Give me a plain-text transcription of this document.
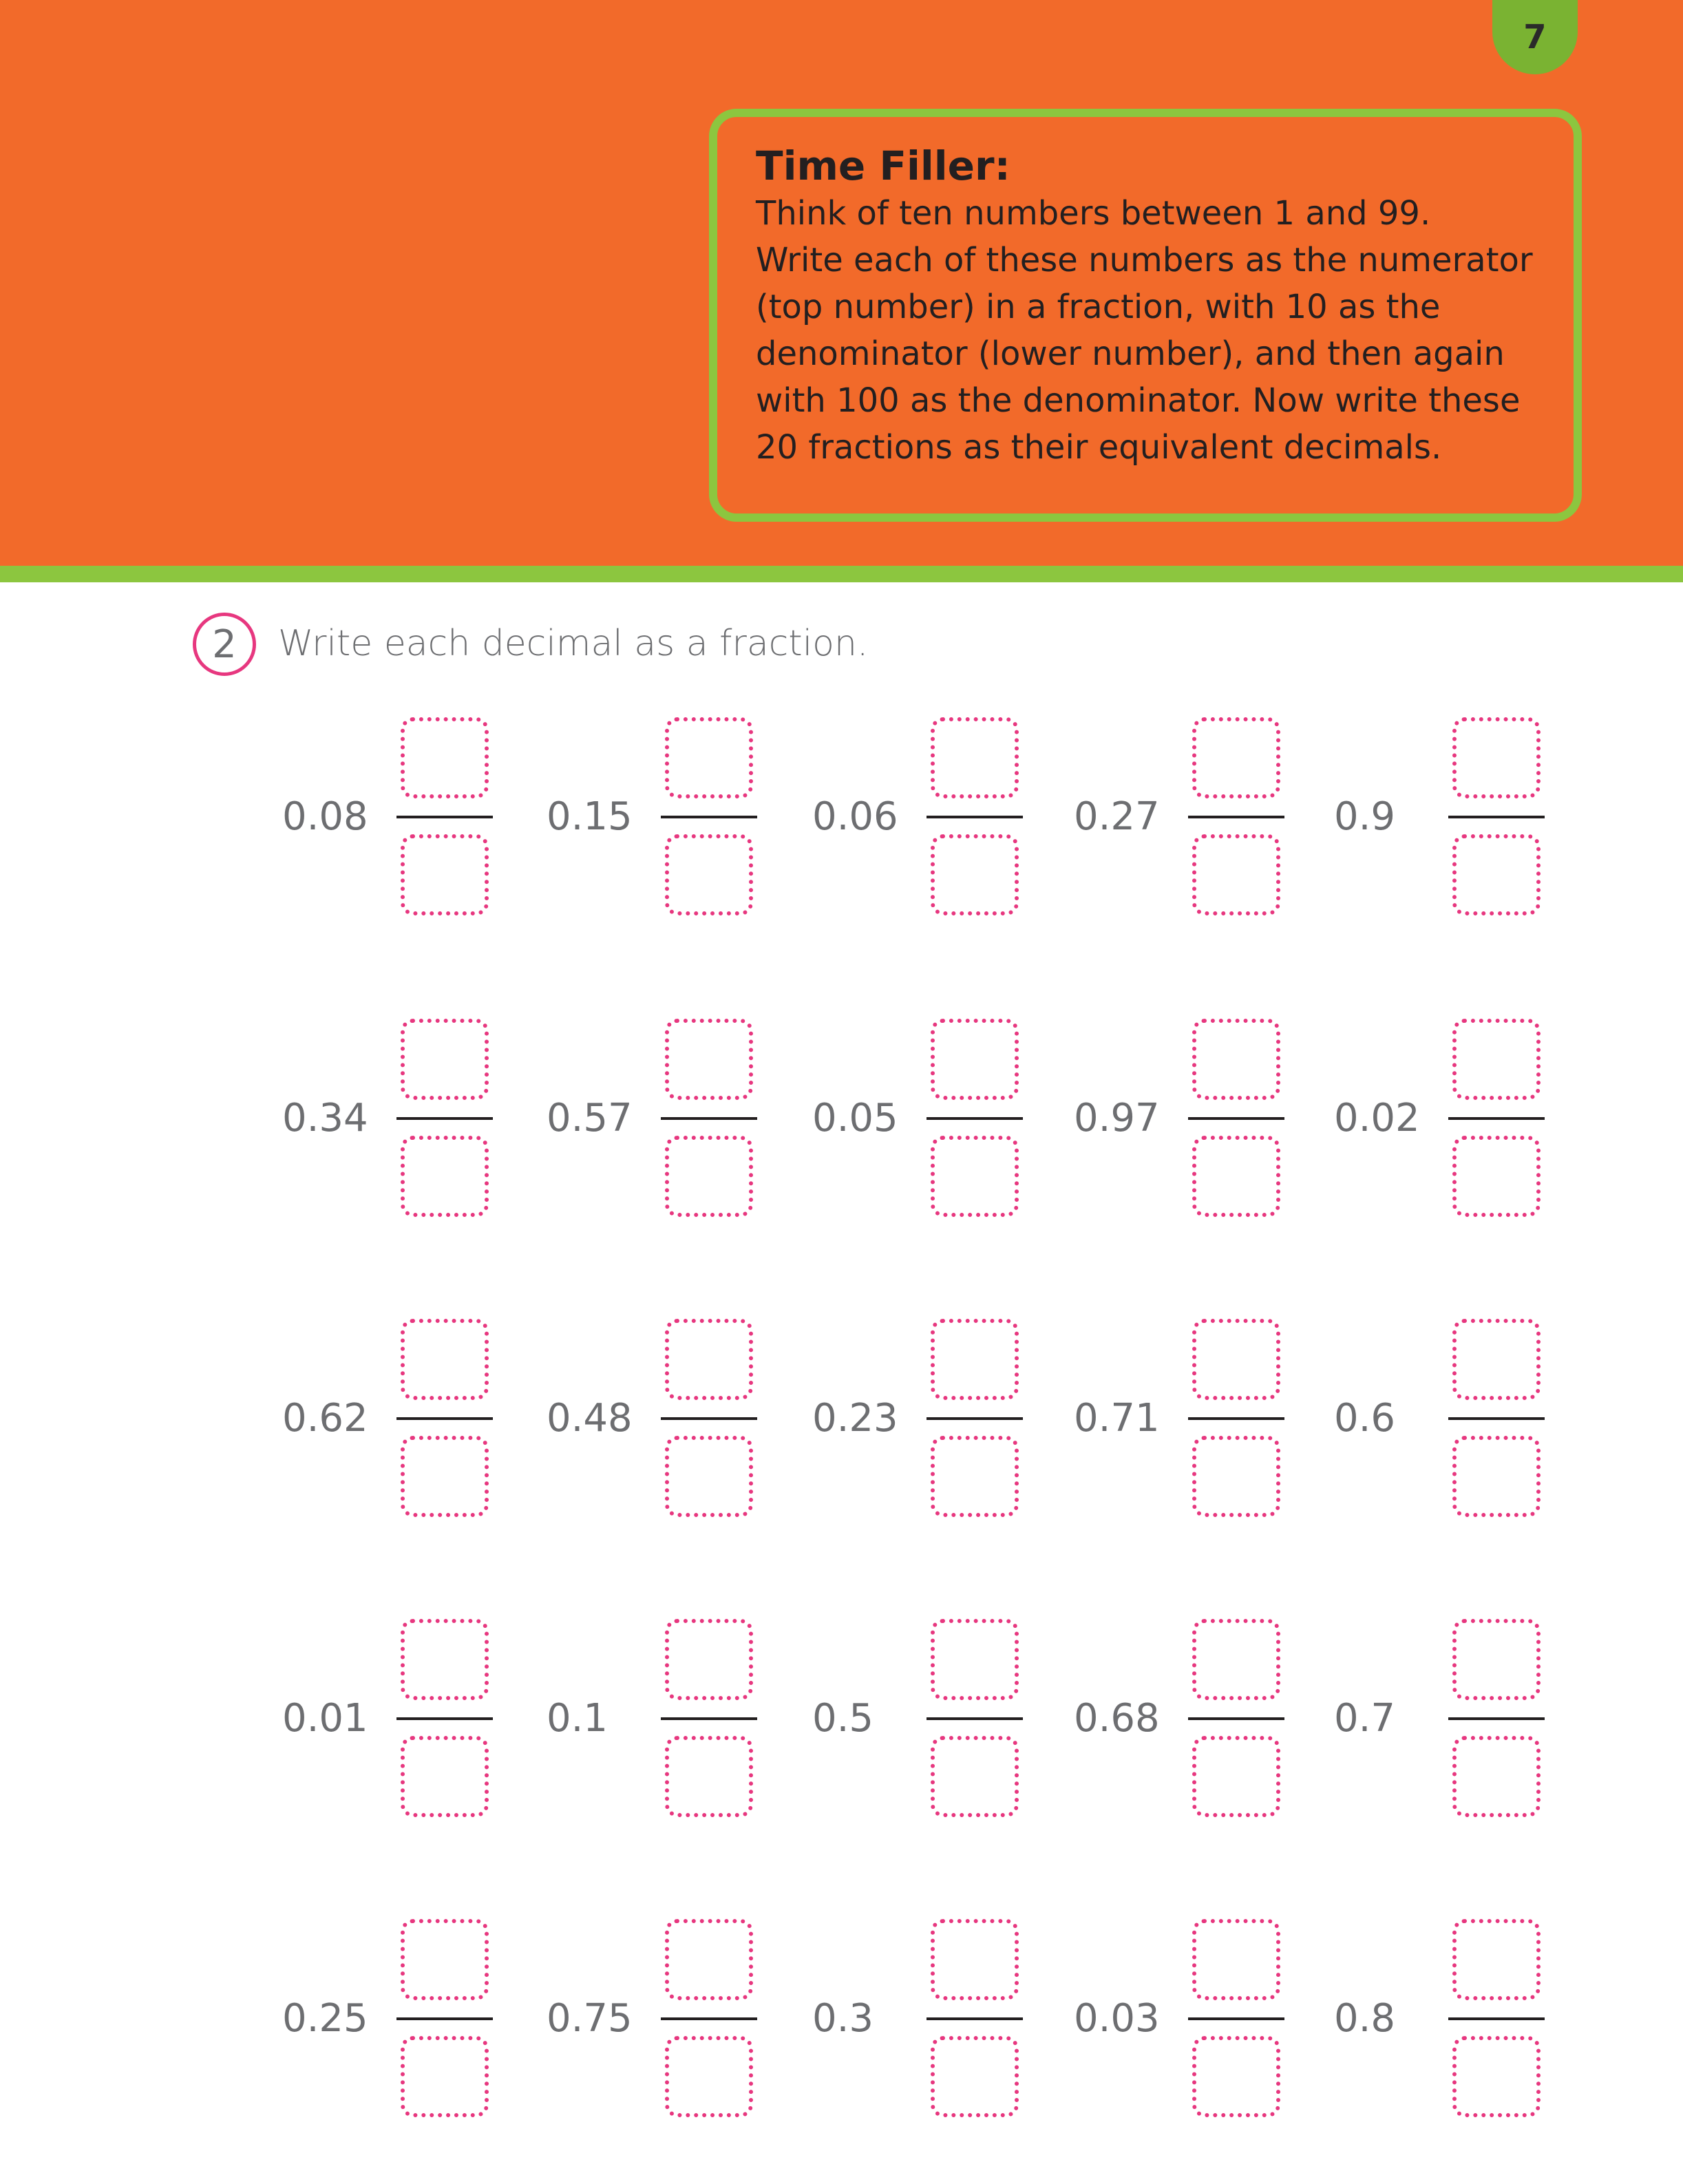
7

Time Filler:

Think of ten numbers between 1 and 99.
Write each of these numbers as the numerator
(top number) in a fraction, with 10 as the
denominator (lower number), and then again
with 100 as the denominator. Now write these
20 fractions as their equivalent decimals.

2	Write each decimal as a fraction.
0.08	0.15	0.06	0.27	0.9
0.34	0.57	0.05	0.97	0.02
0.62	0.48	0.23	0.71	0.6
0.01	0.1	0.5	0.68	0.7
0.25	0.75	0.3	0.03	0.8
